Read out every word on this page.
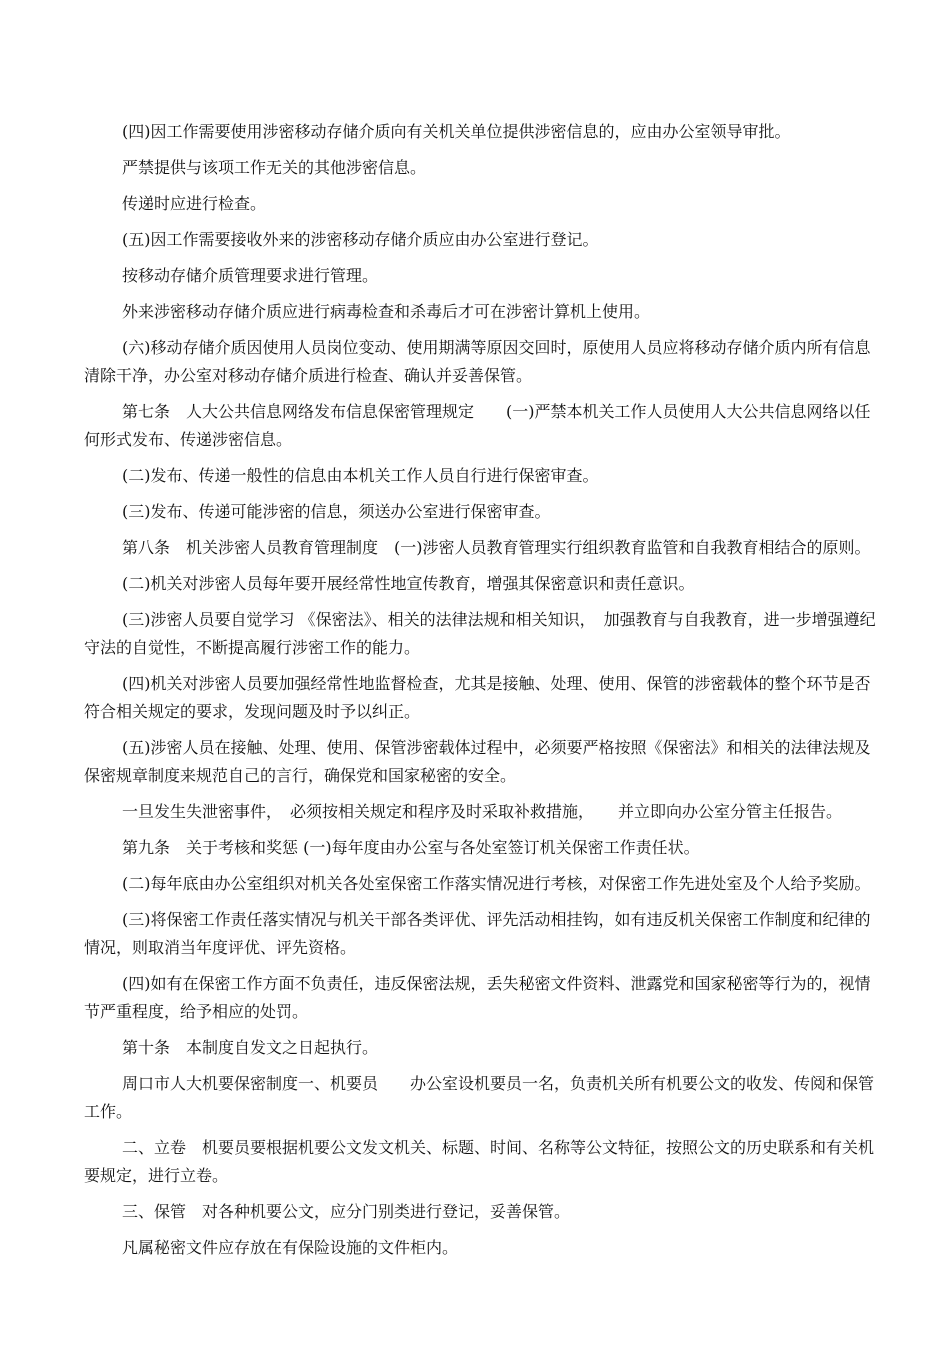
(四)因工作需要使用涉密移动存储介质向有关机关单位提供涉密信息的，应由办公室领导审批。

严禁提供与该项工作无关的其他涉密信息。

传递时应进行检查。

(五)因工作需要接收外来的涉密移动存储介质应由办公室进行登记。

按移动存储介质管理要求进行管理。

外来涉密移动存储介质应进行病毒检查和杀毒后才可在涉密计算机上使用。

(六)移动存储介质因使用人员岗位变动、使用期满等原因交回时，原使用人员应将移动存储介质内所有信息清除干净，办公室对移动存储介质进行检查、确认并妥善保管。

第七条　人大公共信息网络发布信息保密管理规定　　(一)严禁本机关工作人员使用人大公共信息网络以任何形式发布、传递涉密信息。

(二)发布、传递一般性的信息由本机关工作人员自行进行保密审查。

(三)发布、传递可能涉密的信息，须送办公室进行保密审查。

第八条　机关涉密人员教育管理制度　(一)涉密人员教育管理实行组织教育监管和自我教育相结合的原则。

(二)机关对涉密人员每年要开展经常性地宣传教育，增强其保密意识和责任意识。

(三)涉密人员要自觉学习 《保密法》、相关的法律法规和相关知识，　加强教育与自我教育，进一步增强遵纪守法的自觉性，不断提高履行涉密工作的能力。

(四)机关对涉密人员要加强经常性地监督检查，尤其是接触、处理、使用、保管的涉密载体的整个环节是否符合相关规定的要求，发现问题及时予以纠正。

(五)涉密人员在接触、处理、使用、保管涉密载体过程中，必须要严格按照《保密法》和相关的法律法规及保密规章制度来规范自己的言行，确保党和国家秘密的安全。

一旦发生失泄密事件，　必须按相关规定和程序及时采取补救措施，　　并立即向办公室分管主任报告。

第九条　关于考核和奖惩 (一)每年度由办公室与各处室签订机关保密工作责任状。

(二)每年底由办公室组织对机关各处室保密工作落实情况进行考核，对保密工作先进处室及个人给予奖励。

(三)将保密工作责任落实情况与机关干部各类评优、评先活动相挂钩，如有违反机关保密工作制度和纪律的情况，则取消当年度评优、评先资格。

(四)如有在保密工作方面不负责任，违反保密法规，丢失秘密文件资料、泄露党和国家秘密等行为的，视情节严重程度，给予相应的处罚。

第十条　本制度自发文之日起执行。

周口市人大机要保密制度一、机要员　　办公室设机要员一名，负责机关所有机要公文的收发、传阅和保管工作。

二、立卷　机要员要根据机要公文发文机关、标题、时间、名称等公文特征，按照公文的历史联系和有关机要规定，进行立卷。

三、保管　对各种机要公文，应分门别类进行登记，妥善保管。

凡属秘密文件应存放在有保险设施的文件柜内。
